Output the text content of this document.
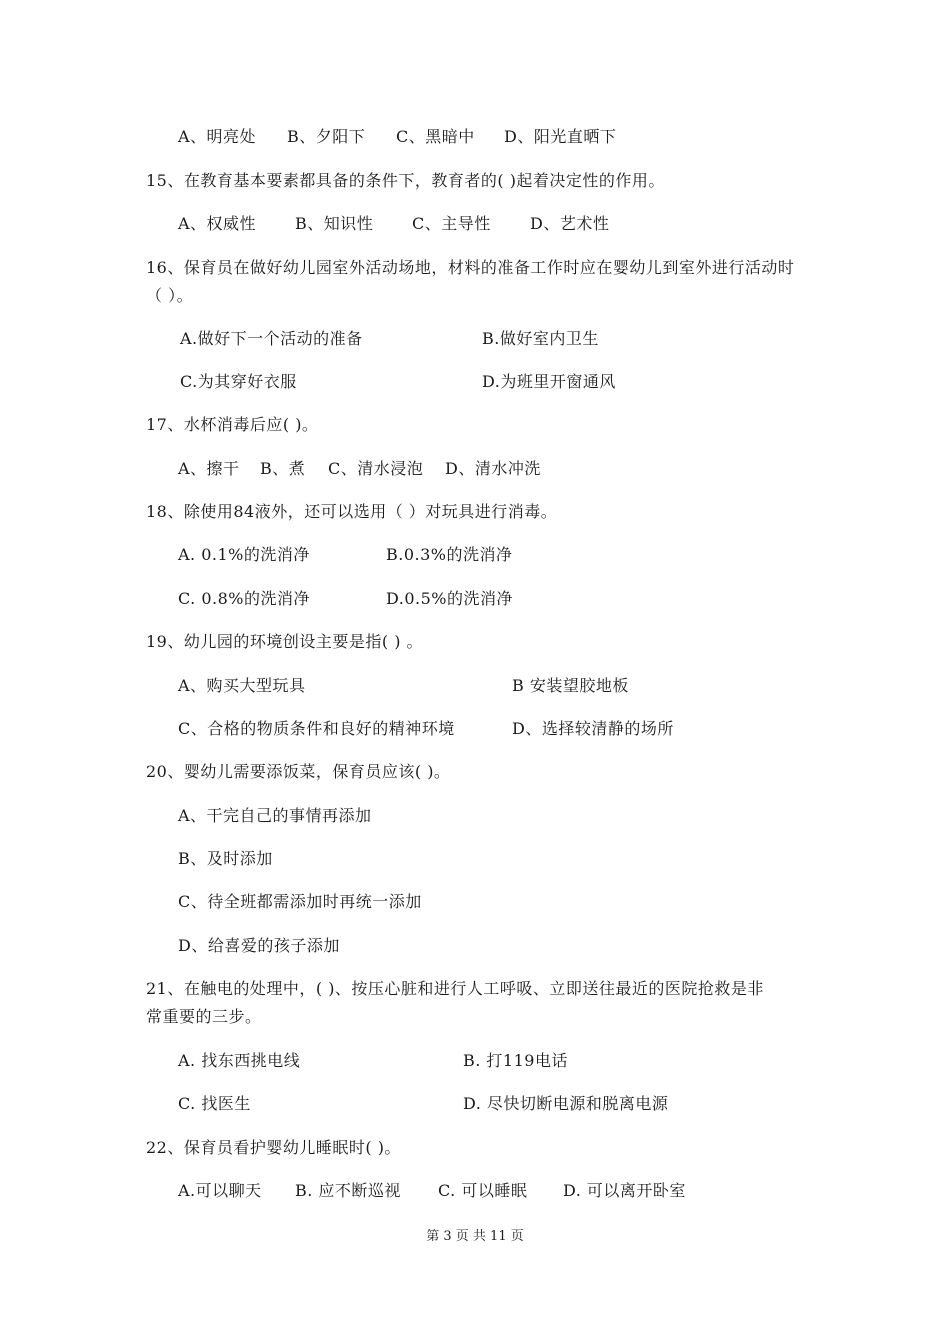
A、明亮处 B、夕阳下 C、黑暗中 D、阳光直晒下
15、在教育基本要素都具备的条件下，教育者的( )起着决定性的作用。
A、权威性 B、知识性 C、主导性 D、艺术性
16、保育员在做好幼儿园室外活动场地，材料的准备工作时应在婴幼儿到室外进行活动时
（ ）。
A.做好下一个活动的准备	B.做好室内卫生
C.为其穿好衣服	D.为班里开窗通风
17、水杯消毒后应( )。
A、擦干 B、煮 C、清水浸泡 D、清水冲洗
18、除使用84液外，还可以选用（ ）对玩具进行消毒。
A. 0.1%的洗消净	B.0.3%的洗消净
C. 0.8%的洗消净	D.0.5%的洗消净
19、幼儿园的环境创设主要是指( ) 。
A、购买大型玩具	B 安装望胶地板
C、合格的物质条件和良好的精神环境	D、选择较清静的场所
20、婴幼儿需要添饭菜，保育员应该( )。
A、干完自己的事情再添加
B、及时添加
C、待全班都需添加时再统一添加
D、给喜爱的孩子添加
21、在触电的处理中，( )、按压心脏和进行人工呼吸、立即送往最近的医院抢救是非
常重要的三步。
A. 找东西挑电线	B. 打119电话
C. 找医生	D. 尽快切断电源和脱离电源
22、保育员看护婴幼儿睡眠时( )。
A.可以聊天 B. 应不断巡视 C. 可以睡眠 D. 可以离开卧室
第 3 页 共 11 页
